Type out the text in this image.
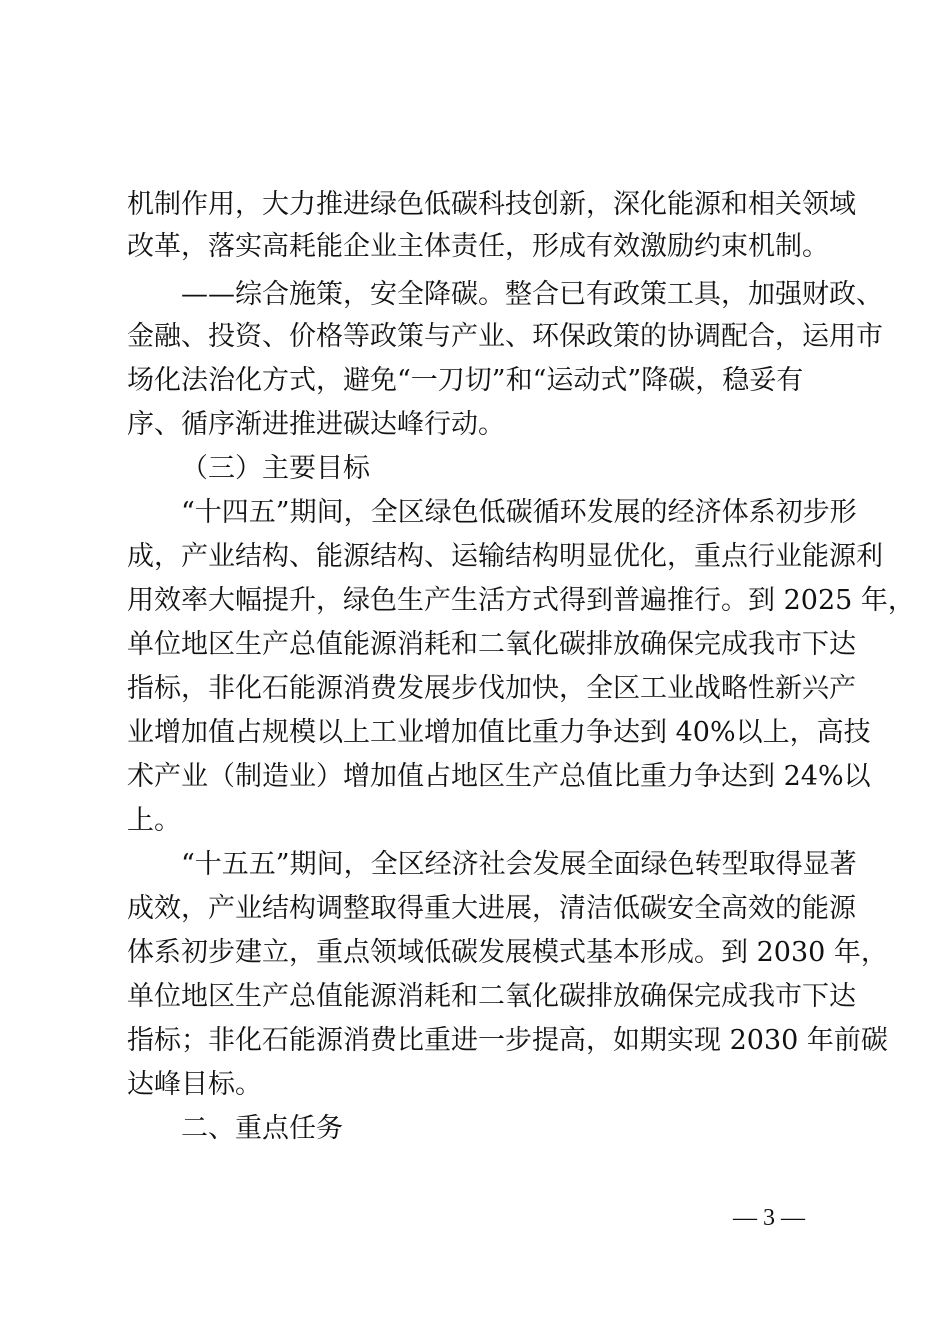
机制作用，大力推进绿色低碳科技创新，深化能源和相关领域
改革，落实高耗能企业主体责任，形成有效激励约束机制。
——综合施策，安全降碳。整合已有政策工具，加强财政、
金融、投资、价格等政策与产业、环保政策的协调配合，运用市
场化法治化方式，避免“一刀切”和“运动式”降碳，稳妥有
序、循序渐进推进碳达峰行动。
（三）主要目标
“十四五”期间，全区绿色低碳循环发展的经济体系初步形
成，产业结构、能源结构、运输结构明显优化，重点行业能源利
用效率大幅提升，绿色生产生活方式得到普遍推行。到 2025 年，
单位地区生产总值能源消耗和二氧化碳排放确保完成我市下达
指标，非化石能源消费发展步伐加快，全区工业战略性新兴产
业增加值占规模以上工业增加值比重力争达到 40%以上，高技
术产业（制造业）增加值占地区生产总值比重力争达到 24%以
上。
“十五五”期间，全区经济社会发展全面绿色转型取得显著
成效，产业结构调整取得重大进展，清洁低碳安全高效的能源
体系初步建立，重点领域低碳发展模式基本形成。到 2030 年，
单位地区生产总值能源消耗和二氧化碳排放确保完成我市下达
指标；非化石能源消费比重进一步提高，如期实现 2030 年前碳
达峰目标。
二、重点任务
— 3 —
